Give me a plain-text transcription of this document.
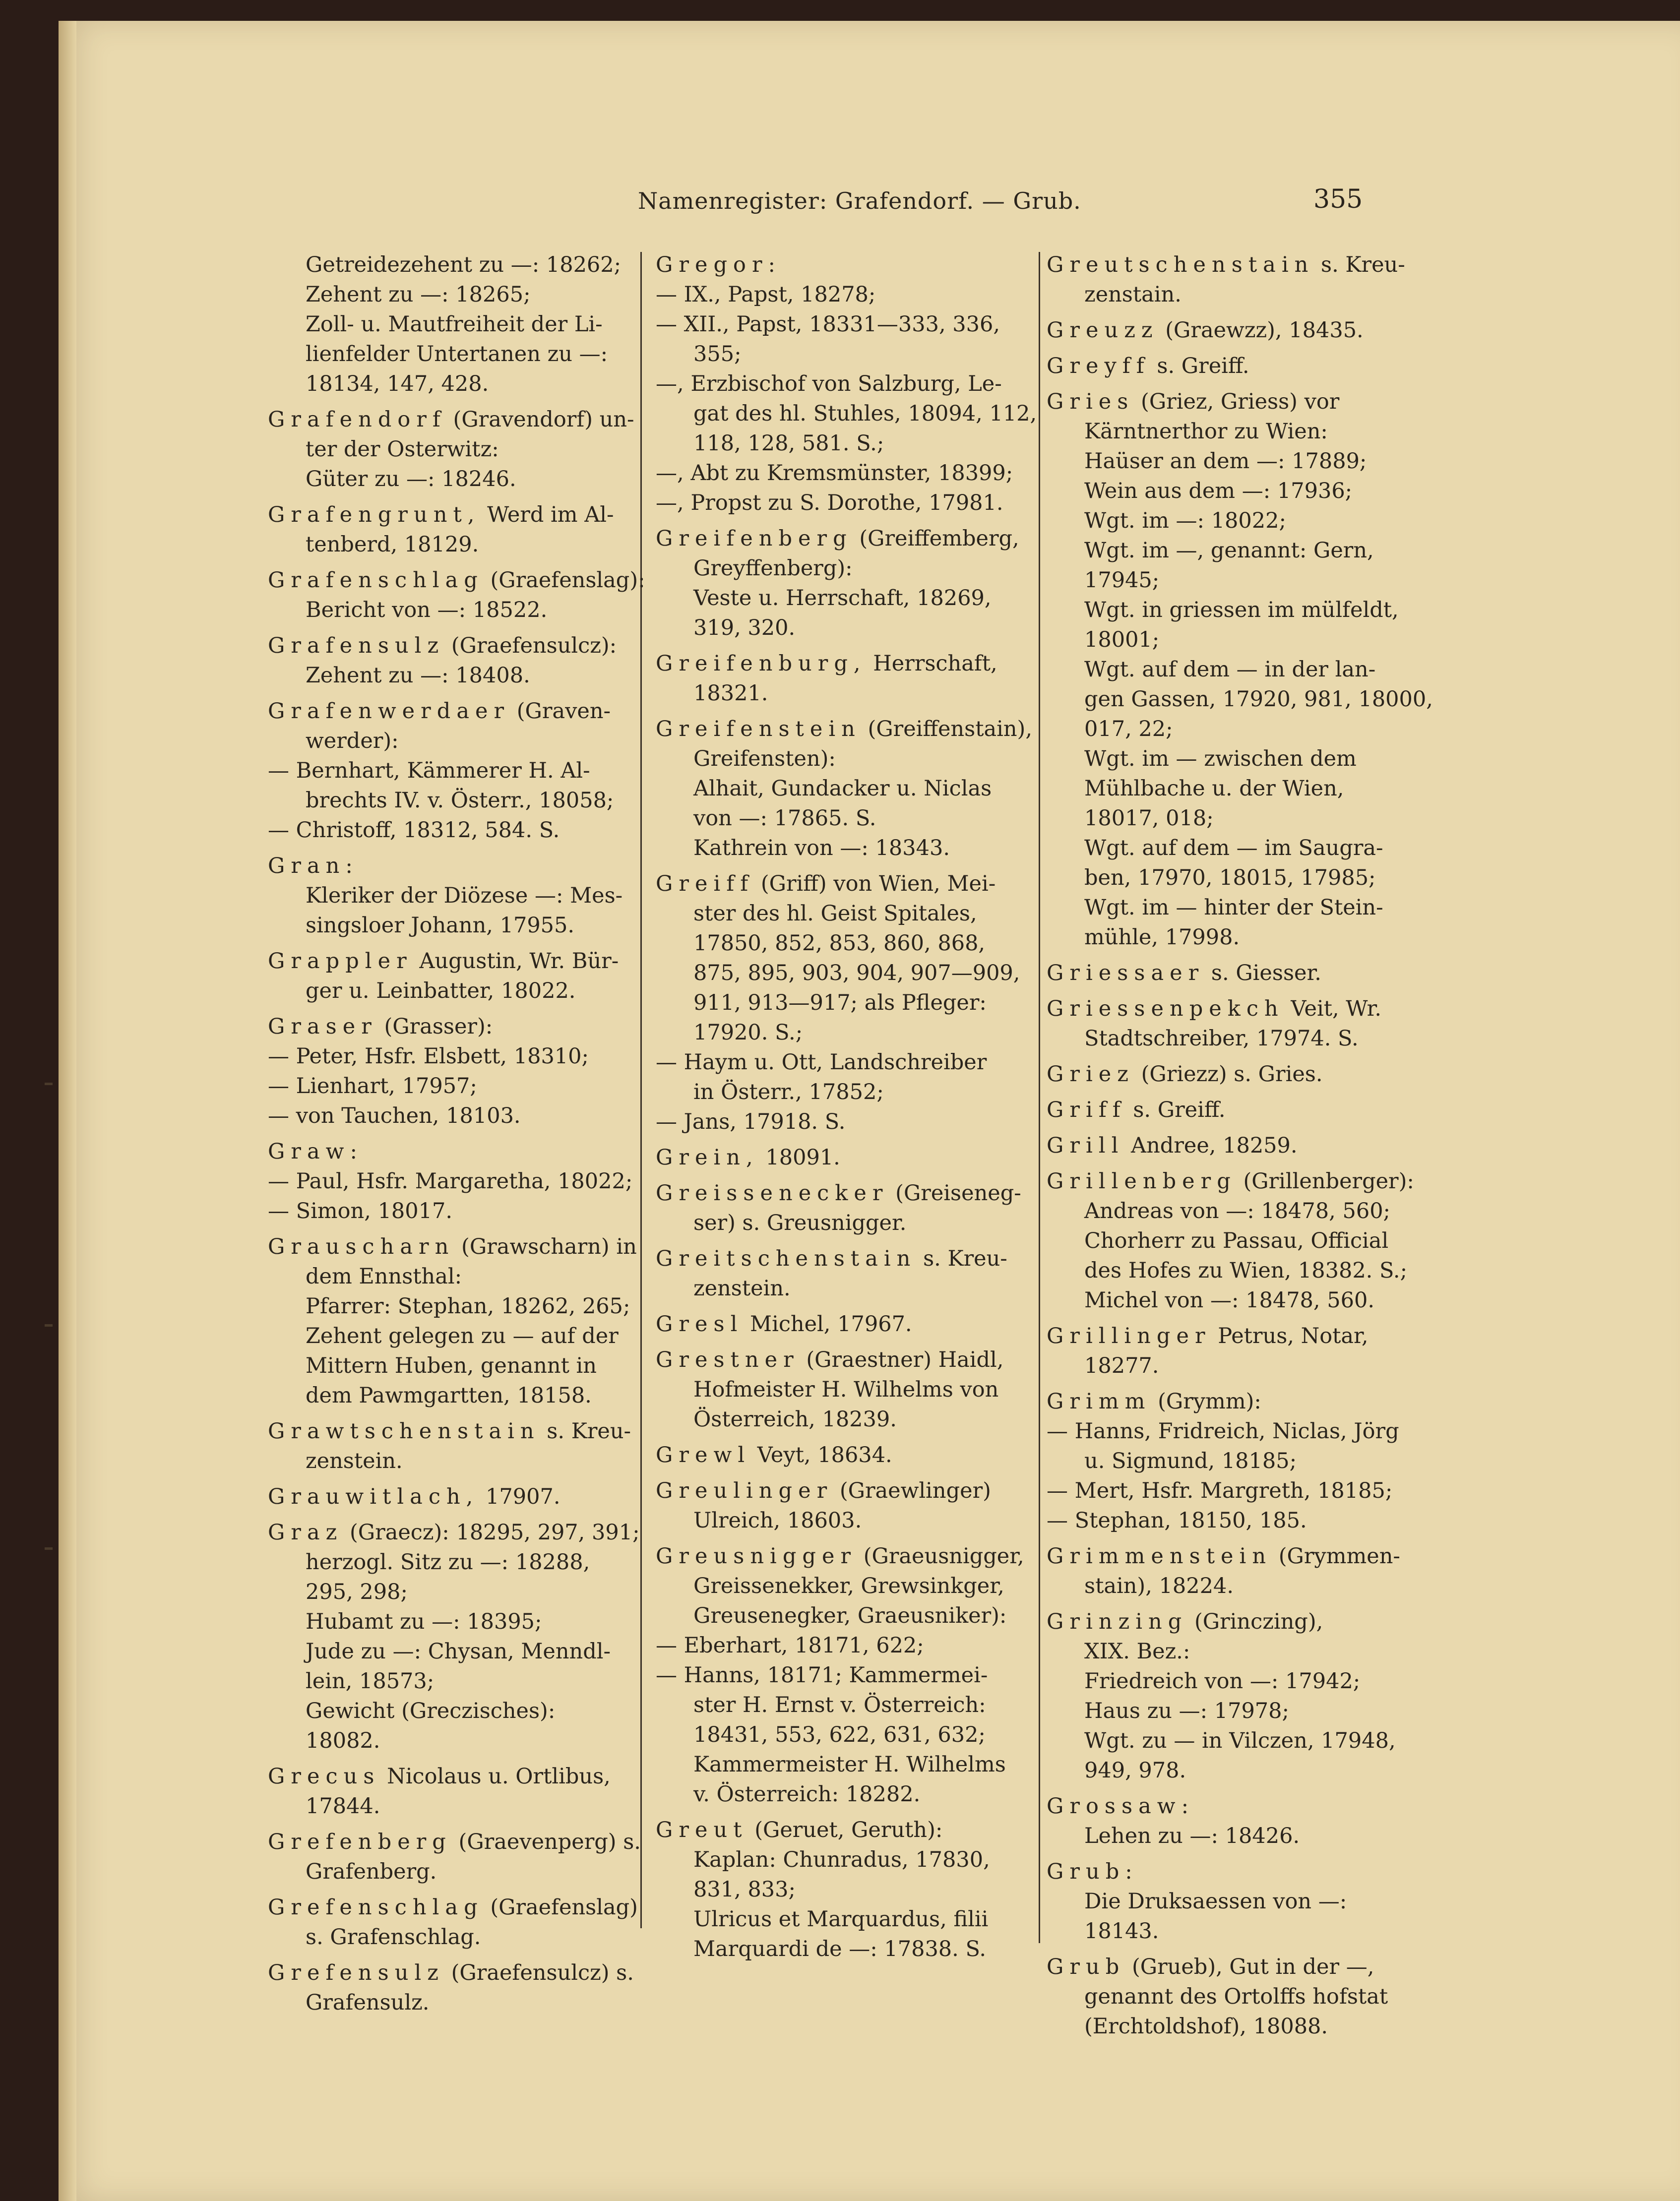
Namenregister: Grafendorf. — Grub.	355
Getreidezehent zu —: 18262;
Zehent zu —: 18265;
Zoll- u. Mautfreiheit der Li-
lienfelder Untertanen zu —:
18134, 147, 428.
Grafendorf (Gravendorf) un-
ter der Osterwitz:
Güter zu —: 18246.
Grafengrunt, Werd im Al-
tenberd, 18129.
Grafenschlag (Graefenslag):
Bericht von —: 18522.
Grafensulz (Graefensulcz):
Zehent zu —: 18408.
Grafenwerdaer (Graven-
werder):
— Bernhart, Kämmerer H. Al-
brechts IV. v. Österr., 18058;
— Christoff, 18312, 584. S.
Gran:
Kleriker der Diözese —: Mes-
singsloer Johann, 17955.
Grappler Augustin, Wr. Bür-
ger u. Leinbatter, 18022.
Graser (Grasser):
— Peter, Hsfr. Elsbett, 18310;
— Lienhart, 17957;
— von Tauchen, 18103.
Graw:
— Paul, Hsfr. Margaretha, 18022;
— Simon, 18017.
Grauscharn (Grawscharn) in
dem Ennsthal:
Pfarrer: Stephan, 18262, 265;
Zehent gelegen zu — auf der
Mittern Huben, genannt in
dem Pawmgartten, 18158.
Grawtschenstain s. Kreu-
zenstein.
Grauwitlach, 17907.
Graz (Graecz): 18295, 297, 391;
herzogl. Sitz zu —: 18288,
295, 298;
Hubamt zu —: 18395;
Jude zu —: Chysan, Menndl-
lein, 18573;
Gewicht (Greczisches):
18082.
Grecus Nicolaus u. Ortlibus,
17844.
Grefenberg (Graevenperg) s.
Grafenberg.
Grefenschlag (Graefenslag)
s. Grafenschlag.
Grefensulz (Graefensulcz) s.
Grafensulz.
Gregor:
— IX., Papst, 18278;
— XII., Papst, 18331—333, 336,
355;
—, Erzbischof von Salzburg, Le-
gat des hl. Stuhles, 18094, 112,
118, 128, 581. S.;
—, Abt zu Kremsmünster, 18399;
—, Propst zu S. Dorothe, 17981.
Greifenberg (Greiffemberg,
Greyffenberg):
Veste u. Herrschaft, 18269,
319, 320.
Greifenburg, Herrschaft,
18321.
Greifenstein (Greiffenstain),
Greifensten):
Alhait, Gundacker u. Niclas
von —: 17865. S.
Kathrein von —: 18343.
Greiff (Griff) von Wien, Mei-
ster des hl. Geist Spitales,
17850, 852, 853, 860, 868,
875, 895, 903, 904, 907—909,
911, 913—917; als Pfleger:
17920. S.;
— Haym u. Ott, Landschreiber
in Österr., 17852;
— Jans, 17918. S.
Grein, 18091.
Greissenecker (Greiseneg-
ser) s. Greusnigger.
Greitschenstain s. Kreu-
zenstein.
Gresl Michel, 17967.
Grestner (Graestner) Haidl,
Hofmeister H. Wilhelms von
Österreich, 18239.
Grewl Veyt, 18634.
Greulinger (Graewlinger)
Ulreich, 18603.
Greusnigger (Graeusnigger,
Greissenekker, Grewsinkger,
Greusenegker, Graeusniker):
— Eberhart, 18171, 622;
— Hanns, 18171; Kammermei-
ster H. Ernst v. Österreich:
18431, 553, 622, 631, 632;
Kammermeister H. Wilhelms
v. Österreich: 18282.
Greut (Geruet, Geruth):
Kaplan: Chunradus, 17830,
831, 833;
Ulricus et Marquardus, filii
Marquardi de —: 17838. S.
Greutschenstain s. Kreu-
zenstain.
Greuzz (Graewzz), 18435.
Greyff s. Greiff.
Gries (Griez, Griess) vor
Kärntnerthor zu Wien:
Haüser an dem —: 17889;
Wein aus dem —: 17936;
Wgt. im —: 18022;
Wgt. im —, genannt: Gern,
17945;
Wgt. in griessen im mülfeldt,
18001;
Wgt. auf dem — in der lan-
gen Gassen, 17920, 981, 18000,
017, 22;
Wgt. im — zwischen dem
Mühlbache u. der Wien,
18017, 018;
Wgt. auf dem — im Saugra-
ben, 17970, 18015, 17985;
Wgt. im — hinter der Stein-
mühle, 17998.
Griessaer s. Giesser.
Griessenpekch Veit, Wr.
Stadtschreiber, 17974. S.
Griez (Griezz) s. Gries.
Griff s. Greiff.
Grill Andree, 18259.
Grillenberg (Grillenberger):
Andreas von —: 18478, 560;
Chorherr zu Passau, Official
des Hofes zu Wien, 18382. S.;
Michel von —: 18478, 560.
Grillinger Petrus, Notar,
18277.
Grimm (Grymm):
— Hanns, Fridreich, Niclas, Jörg
u. Sigmund, 18185;
— Mert, Hsfr. Margreth, 18185;
— Stephan, 18150, 185.
Grimmenstein (Grymmen-
stain), 18224.
Grinzing (Grinczing),
XIX. Bez.:
Friedreich von —: 17942;
Haus zu —: 17978;
Wgt. zu — in Vilczen, 17948,
949, 978.
Grossaw:
Lehen zu —: 18426.
Grub:
Die Druksaessen von —:
18143.
Grub (Grueb), Gut in der —,
genannt des Ortolffs hofstat
(Erchtoldshof), 18088.
